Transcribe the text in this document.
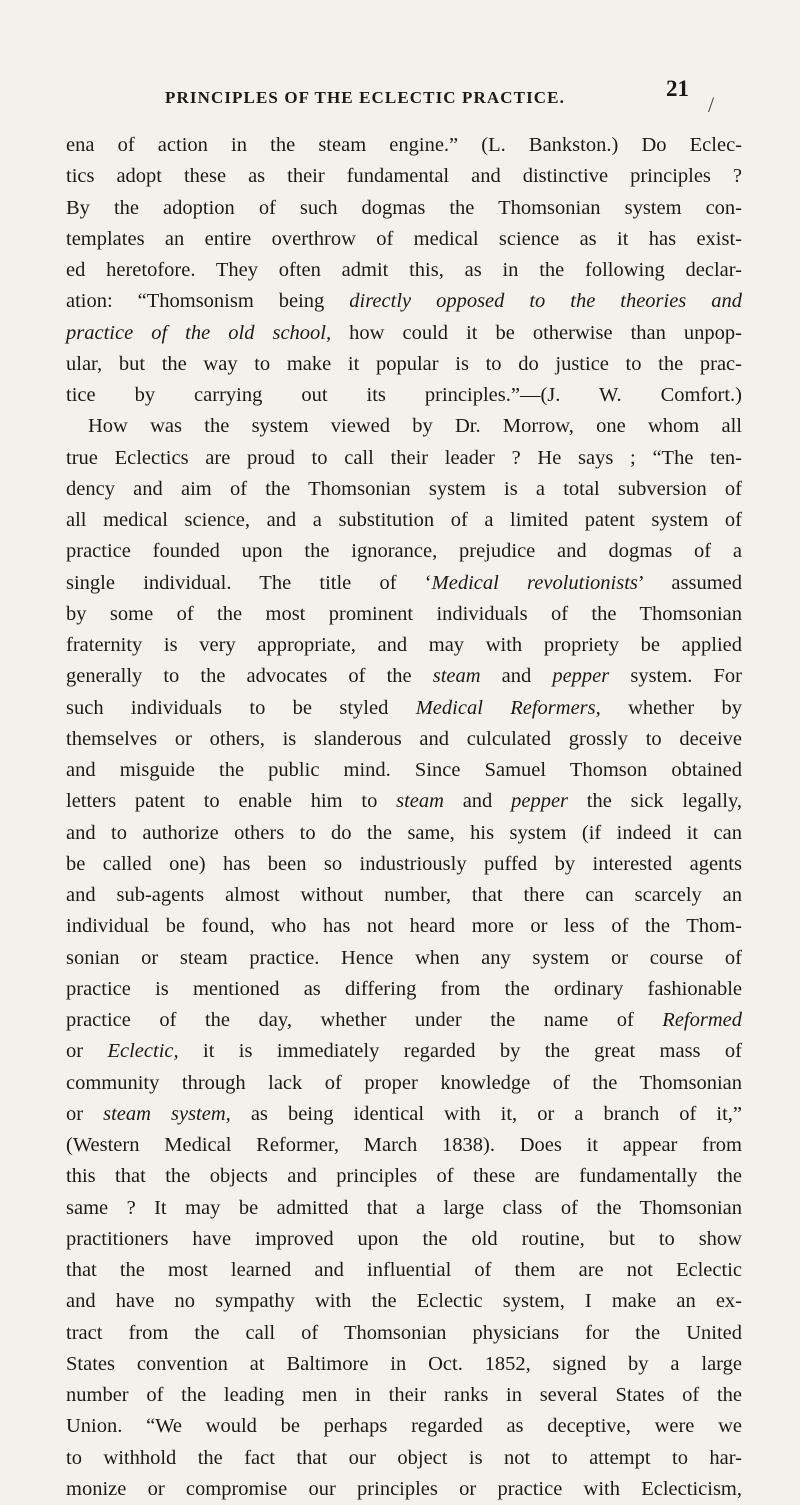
PRINCIPLES OF THE ECLECTIC PRACTICE.	21
/
ena of action in the steam engine.” (L. Bankston.) Do Eclec-
tics adopt these as their fundamental and distinctive principles ?
By the adoption of such dogmas the Thomsonian system con-
templates an entire overthrow of medical science as it has exist-
ed heretofore. They often admit this, as in the following declar-
ation: “Thomsonism being directly opposed to the theories and
practice of the old school, how could it be otherwise than unpop-
ular, but the way to make it popular is to do justice to the prac-
tice by carrying out its principles.”—(J. W. Comfort.)
How was the system viewed by Dr. Morrow, one whom all
true Eclectics are proud to call their leader ? He says ; “The ten-
dency and aim of the Thomsonian system is a total subversion of
all medical science, and a substitution of a limited patent system of
practice founded upon the ignorance, prejudice and dogmas of a
single individual. The title of ‘Medical revolutionists’ assumed
by some of the most prominent individuals of the Thomsonian
fraternity is very appropriate, and may with propriety be applied
generally to the advocates of the steam and pepper system. For
such individuals to be styled Medical Reformers, whether by
themselves or others, is slanderous and culculated grossly to deceive
and misguide the public mind. Since Samuel Thomson obtained
letters patent to enable him to steam and pepper the sick legally,
and to authorize others to do the same, his system (if indeed it can
be called one) has been so industriously puffed by interested agents
and sub-agents almost without number, that there can scarcely an
individual be found, who has not heard more or less of the Thom-
sonian or steam practice. Hence when any system or course of
practice is mentioned as differing from the ordinary fashionable
practice of the day, whether under the name of Reformed
or Eclectic, it is immediately regarded by the great mass of
community through lack of proper knowledge of the Thomsonian
or steam system, as being identical with it, or a branch of it,”
(Western Medical Reformer, March 1838). Does it appear from
this that the objects and principles of these are fundamentally the
same ? It may be admitted that a large class of the Thomsonian
practitioners have improved upon the old routine, but to show
that the most learned and influential of them are not Eclectic
and have no sympathy with the Eclectic system, I make an ex-
tract from the call of Thomsonian physicians for the United
States convention at Baltimore in Oct. 1852, signed by a large
number of the leading men in their ranks in several States of the
Union. “We would be perhaps regarded as deceptive, were we
to withhold the fact that our object is not to attempt to har-
monize or compromise our principles or practice with Eclecticism,
